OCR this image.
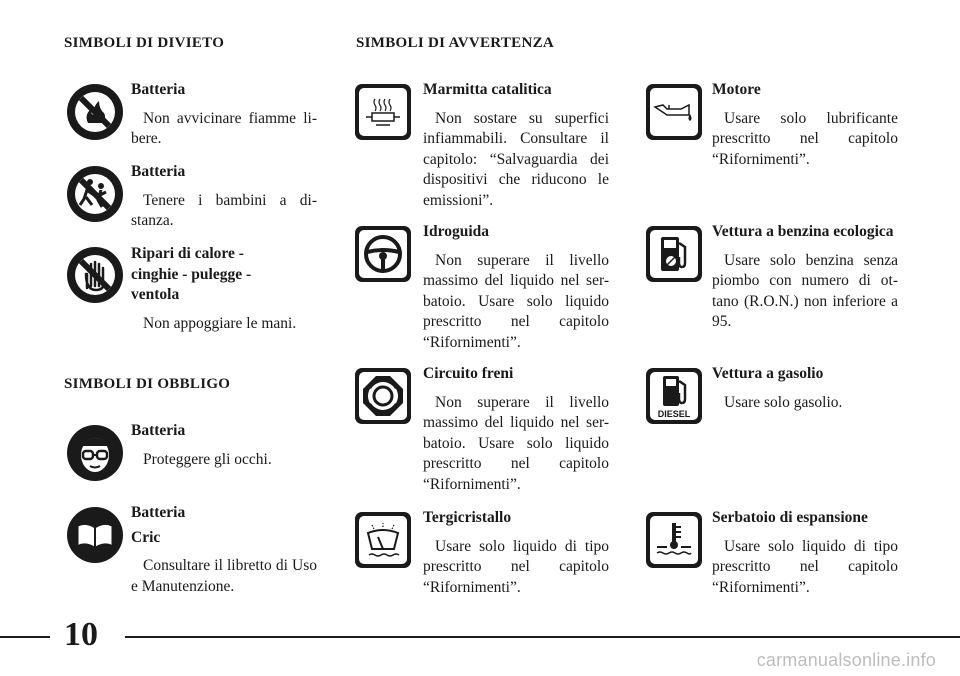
SIMBOLI DI DIVIETO	SIMBOLI DI AVVERTENZA
SIMBOLI DI OBBLIGO
Batteria
Non avvicinare fiamme li-bere.
Batteria
Tenere i bambini a di-stanza.
Ripari di calore - cinghie - pulegge - ventola
Non appoggiare le mani.
Batteria
Proteggere gli occhi.
Batteria
Cric
Consultare il libretto di Uso e Manutenzione.
Marmitta catalitica
Non sostare su superfici infiammabili. Consultare il capitolo: “Salvaguardia dei dispositivi che riducono le emissioni”.
Idroguida
Non superare il livello massimo del liquido nel ser-batoio. Usare solo liquido prescritto nel capitolo “Rifornimenti”.
Circuito freni
Non superare il livello massimo del liquido nel ser-batoio. Usare solo liquido prescritto nel capitolo “Rifornimenti”.
Tergicristallo
Usare solo liquido di tipo prescritto nel capitolo “Rifornimenti”.
Motore
Usare solo lubrificante prescritto nel capitolo “Rifornimenti”.
Vettura a benzina ecologica
Usare solo benzina senza piombo con numero di ot-tano (R.O.N.) non inferiore a 95.
DIESEL
Vettura a gasolio
Usare solo gasolio.
Serbatoio di espansione
Usare solo liquido di tipo prescritto nel capitolo “Rifornimenti”.
10
carmanualsonline.info
